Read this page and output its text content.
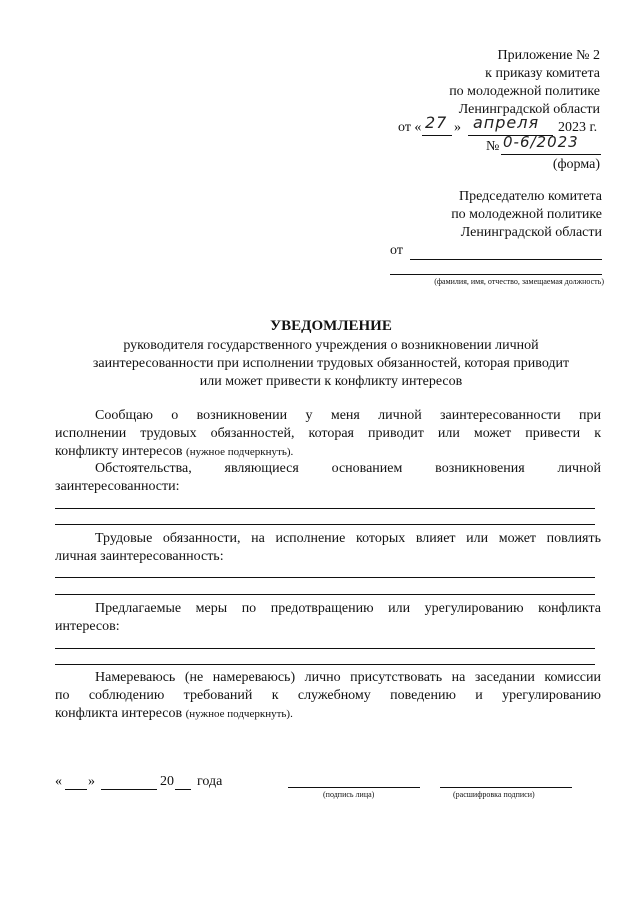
Приложение № 2
к приказу комитета
по молодежной политике
Ленинградской области
от « 27 » апреля 2023 г.
№ 0-6/2023
(форма)
Председателю комитета
по молодежной политике
Ленинградской области
от
(фамилия, имя, отчество, замещаемая должность)
УВЕДОМЛЕНИЕ
руководителя государственного учреждения о возникновении личной
заинтересованности при исполнении трудовых обязанностей, которая приводит
или может привести к конфликту интересов
Сообщаю о возникновении у меня личной заинтересованности при
исполнении трудовых обязанностей, которая приводит или может привести к
конфликту интересов (нужное подчеркнуть).
Обстоятельства, являющиеся основанием возникновения личной
заинтересованности:
Трудовые обязанности, на исполнение которых влияет или может повлиять
личная заинтересованность:
Предлагаемые меры по предотвращению или урегулированию конфликта
интересов:
Намереваюсь (не намереваюсь) лично присутствовать на заседании комиссии
по соблюдению требований к служебному поведению и урегулированию
конфликта интересов (нужное подчеркнуть).
« »	20 года
(подпись лица)	(расшифровка подписи)
